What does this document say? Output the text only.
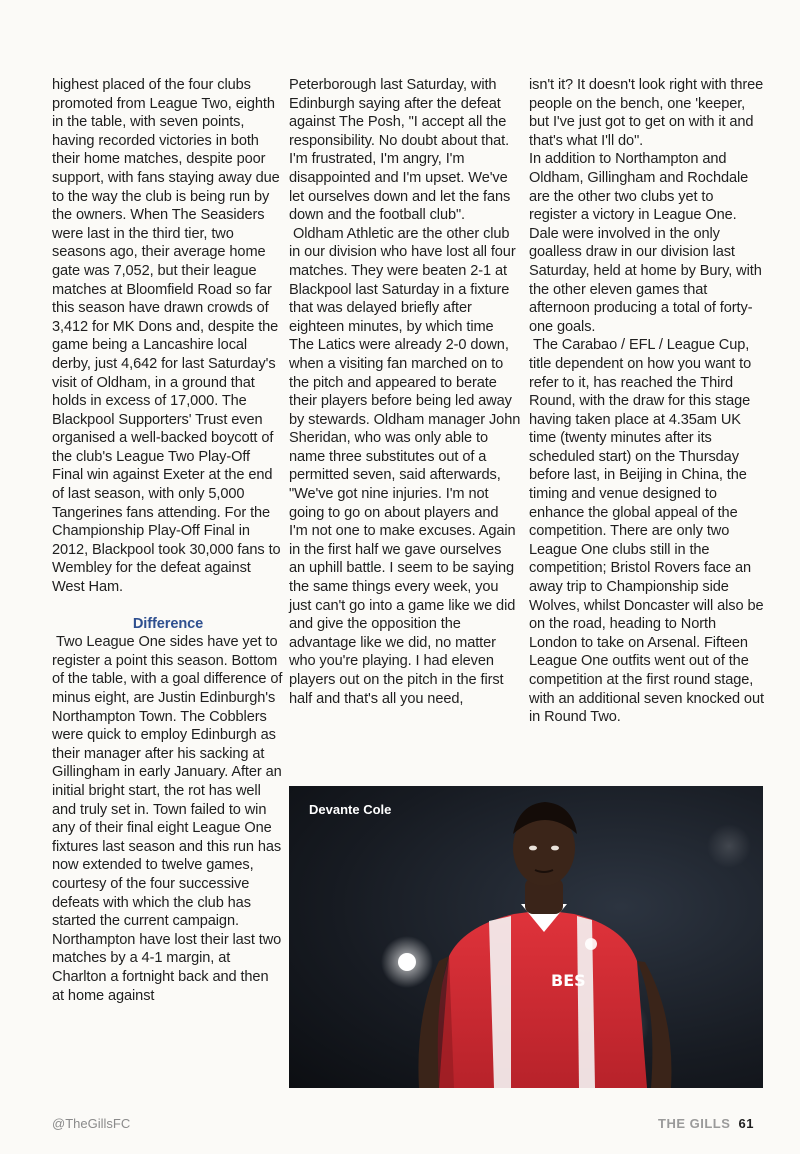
highest placed of the four clubs promoted from League Two, eighth in the table, with seven points, having recorded victories in both their home matches, despite poor support, with fans staying away due to the way the club is being run by the owners. When The Seasiders were last in the third tier, two seasons ago, their average home gate was 7,052, but their league matches at Bloomfield Road so far this season have drawn crowds of 3,412 for MK Dons and, despite the game being a Lancashire local derby, just 4,642 for last Saturday's visit of Oldham, in a ground that holds in excess of 17,000. The Blackpool Supporters' Trust even organised a well-backed boycott of the club's League Two Play-Off Final win against Exeter at the end of last season, with only 5,000 Tangerines fans attending. For the Championship Play-Off Final in 2012, Blackpool took 30,000 fans to Wembley for the defeat against West Ham.

Difference

Two League One sides have yet to register a point this season. Bottom of the table, with a goal difference of minus eight, are Justin Edinburgh's Northampton Town. The Cobblers were quick to employ Edinburgh as their manager after his sacking at Gillingham in early January. After an initial bright start, the rot has well and truly set in. Town failed to win any of their final eight League One fixtures last season and this run has now extended to twelve games, courtesy of the four successive defeats with which the club has started the current campaign. Northampton have lost their last two matches by a 4-1 margin, at Charlton a fortnight back and then at home against

Peterborough last Saturday, with Edinburgh saying after the defeat against The Posh, "I accept all the responsibility. No doubt about that. I'm frustrated, I'm angry, I'm disappointed and I'm upset. We've let ourselves down and let the fans down and the football club".

Oldham Athletic are the other club in our division who have lost all four matches. They were beaten 2-1 at Blackpool last Saturday in a fixture that was delayed briefly after eighteen minutes, by which time The Latics were already 2-0 down, when a visiting fan marched on to the pitch and appeared to berate their players before being led away by stewards. Oldham manager John Sheridan, who was only able to name three substitutes out of a permitted seven, said afterwards, "We've got nine injuries. I'm not going to go on about players and I'm not one to make excuses. Again in the first half we gave ourselves an uphill battle. I seem to be saying the same things every week, you just can't go into a game like we did and give the opposition the advantage like we did, no matter who you're playing. I had eleven players out on the pitch in the first half and that's all you need,

isn't it? It doesn't look right with three people on the bench, one 'keeper, but I've just got to get on with it and that's what I'll do".

In addition to Northampton and Oldham, Gillingham and Rochdale are the other two clubs yet to register a victory in League One. Dale were involved in the only goalless draw in our division last Saturday, held at home by Bury, with the other eleven games that afternoon producing a total of forty-one goals.

The Carabao / EFL / League Cup, title dependent on how you want to refer to it, has reached the Third Round, with the draw for this stage having taken place at 4.35am UK time (twenty minutes after its scheduled start) on the Thursday before last, in Beijing in China, the timing and venue designed to enhance the global appeal of the competition. There are only two League One clubs still in the competition; Bristol Rovers face an away trip to Championship side Wolves, whilst Doncaster will also be on the road, heading to North London to take on Arsenal. Fifteen League One outfits went out of the competition at the first round stage, with an additional seven knocked out in Round Two.

BES
Devante Cole
@TheGillsFC	THE GILLS 61
